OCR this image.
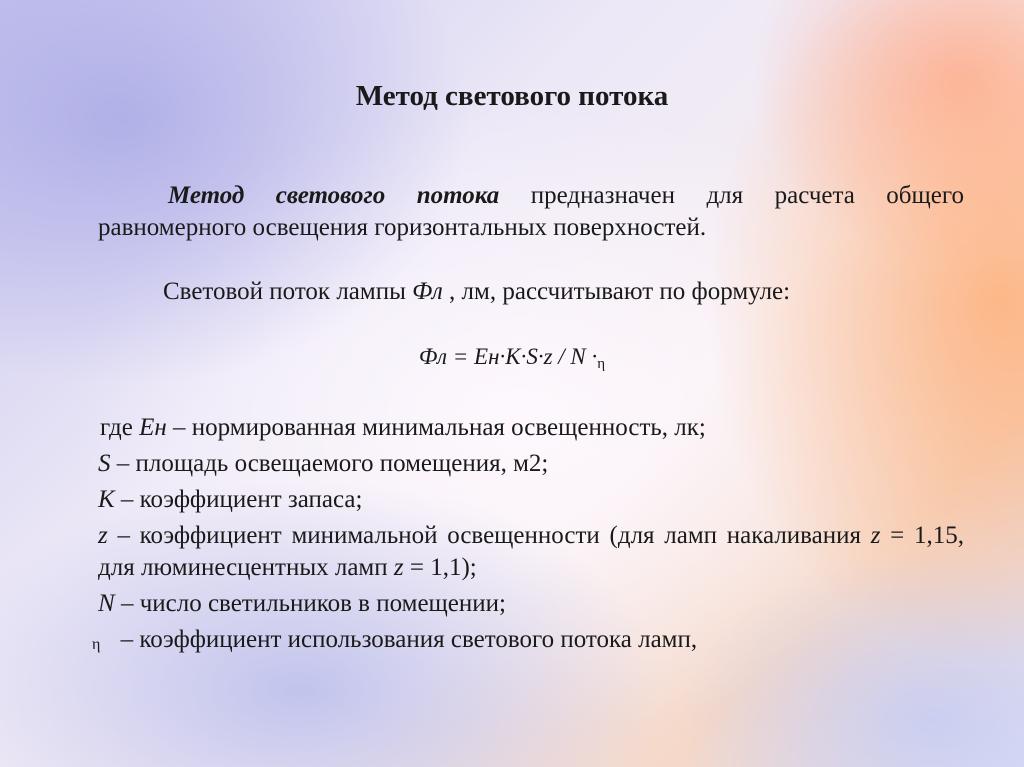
Метод светового потока
Метод светового потока предназначен для расчета общего равномерного освещения горизонтальных поверхностей.
Световой поток лампы Фл , лм, рассчитывают по формуле:
Фл = Ен·K·S·z / N ·η
где Ен – нормированная минимальная освещенность, лк;
S – площадь освещаемого помещения, м2;
К – коэффициент запаса;
z – коэффициент минимальной освещенности (для ламп накаливания z = 1,15, для люминесцентных ламп z = 1,1);
N – число светильников в помещении;
η – коэффициент использования светового потока ламп,
